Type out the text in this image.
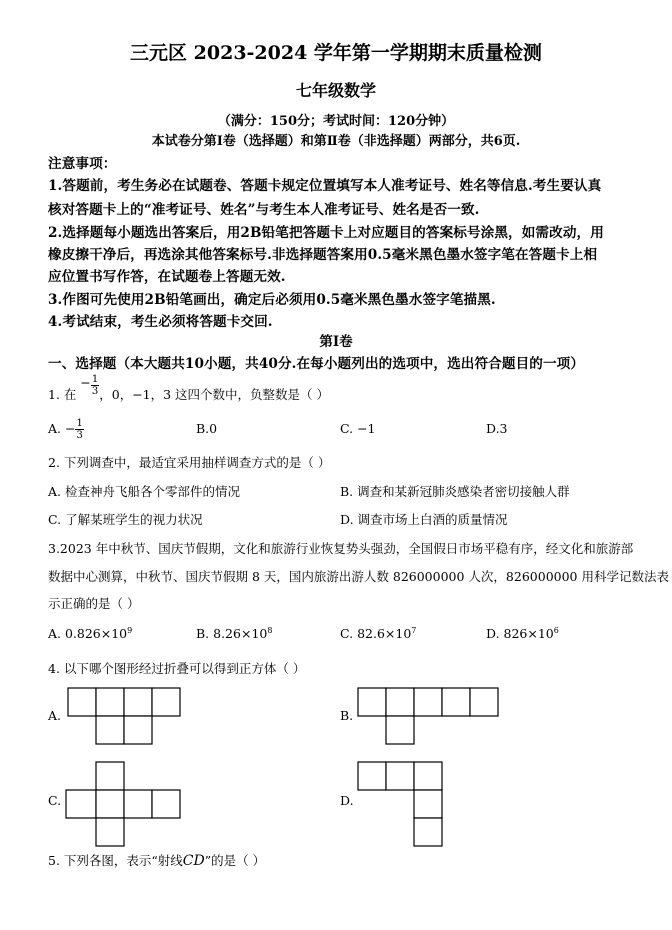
三元区 2023-2024 学年第一学期期末质量检测
七年级数学
（满分：150分；考试时间：120分钟）
本试卷分第Ⅰ卷（选择题）和第Ⅱ卷（非选择题）两部分，共6页.
注意事项：
1.答题前，考生务必在试题卷、答题卡规定位置填写本人准考证号、姓名等信息.考生要认真
核对答题卡上的“准考证号、姓名”与考生本人准考证号、姓名是否一致.
2.选择题每小题选出答案后，用2B铅笔把答题卡上对应题目的答案标号涂黑，如需改动，用
橡皮擦干净后，再选涂其他答案标号.非选择题答案用0.5毫米黑色墨水签字笔在答题卡上相
应位置书写作答，在试题卷上答题无效.
3.作图可先使用2B铅笔画出，确定后必须用0.5毫米黑色墨水签字笔描黑.
4.考试结束，考生必须将答题卡交回.
第Ⅰ卷
一、选择题（本大题共10小题，共40分.在每小题列出的选项中，选出符合题目的一项）
1. 在 − $\frac{1}{3}$ ，0，−1，3 这四个数中，负整数是（ ）
A. − $\frac{1}{3}$	B.0	C. −1	D.3
2. 下列调查中，最适宜采用抽样调查方式的是（ ）
A. 检查神舟飞船各个零部件的情况	B. 调查和某新冠肺炎感染者密切接触人群
C. 了解某班学生的视力状况	D. 调查市场上白酒的质量情况
3.2023 年中秋节、国庆节假期，文化和旅游行业恢复势头强劲，全国假日市场平稳有序，经文化和旅游部
数据中心测算，中秋节、国庆节假期 8 天，国内旅游出游人数 826000000 人次，826000000 用科学记数法表
示正确的是（ ）
A. $0.826\times 10^9$	B. $8.26\times 10^8$	C. $82.6\times 10^7$	D. $826\times 10^6$
4. 以下哪个图形经过折叠可以得到正方体（ ）
A.	B.
C.	D.
5. 下列各图，表示“射线CD”的是（ ）
